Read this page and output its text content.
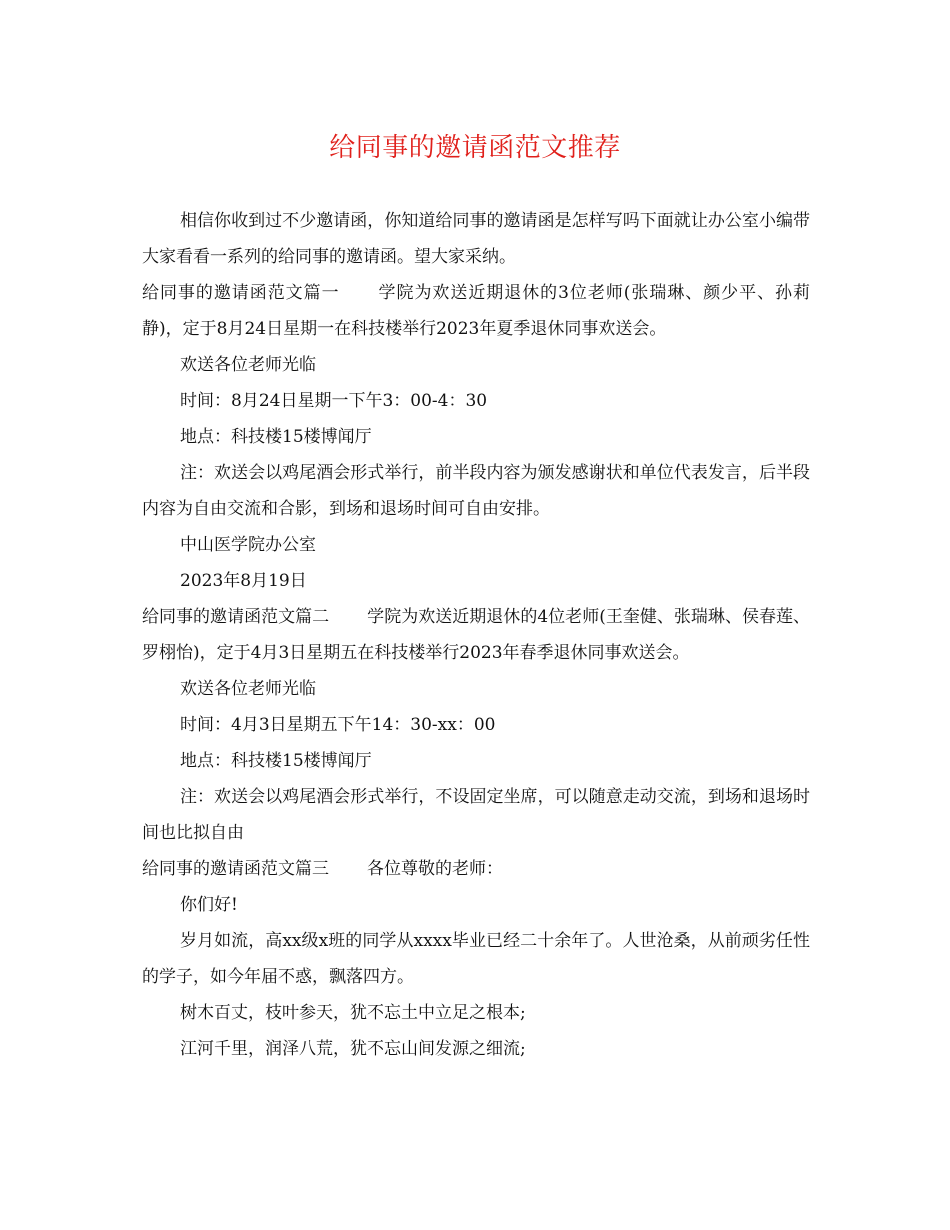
给同事的邀请函范文推荐

相信你收到过不少邀请函，你知道给同事的邀请函是怎样写吗下面就让办公室小编带大家看看一系列的给同事的邀请函。望大家采纳。

给同事的邀请函范文篇一 学院为欢送近期退休的3位老师(张瑞琳、颜少平、孙莉静)，定于8月24日星期一在科技楼举行2023年夏季退休同事欢送会。

欢送各位老师光临

时间：8月24日星期一下午3：00-4：30

地点：科技楼15楼博闻厅

注：欢送会以鸡尾酒会形式举行，前半段内容为颁发感谢状和单位代表发言，后半段内容为自由交流和合影，到场和退场时间可自由安排。

中山医学院办公室

2023年8月19日

给同事的邀请函范文篇二 学院为欢送近期退休的4位老师(王奎健、张瑞琳、侯春莲、罗栩怡)，定于4月3日星期五在科技楼举行2023年春季退休同事欢送会。

欢送各位老师光临

时间：4月3日星期五下午14：30-xx：00

地点：科技楼15楼博闻厅

注：欢送会以鸡尾酒会形式举行，不设固定坐席，可以随意走动交流，到场和退场时间也比拟自由

给同事的邀请函范文篇三 各位尊敬的老师：

你们好!

岁月如流，高xx级x班的同学从xxxx毕业已经二十余年了。人世沧桑，从前顽劣任性的学子，如今年届不惑，飘落四方。

树木百丈，枝叶参天，犹不忘土中立足之根本;

江河千里，润泽八荒，犹不忘山间发源之细流;
